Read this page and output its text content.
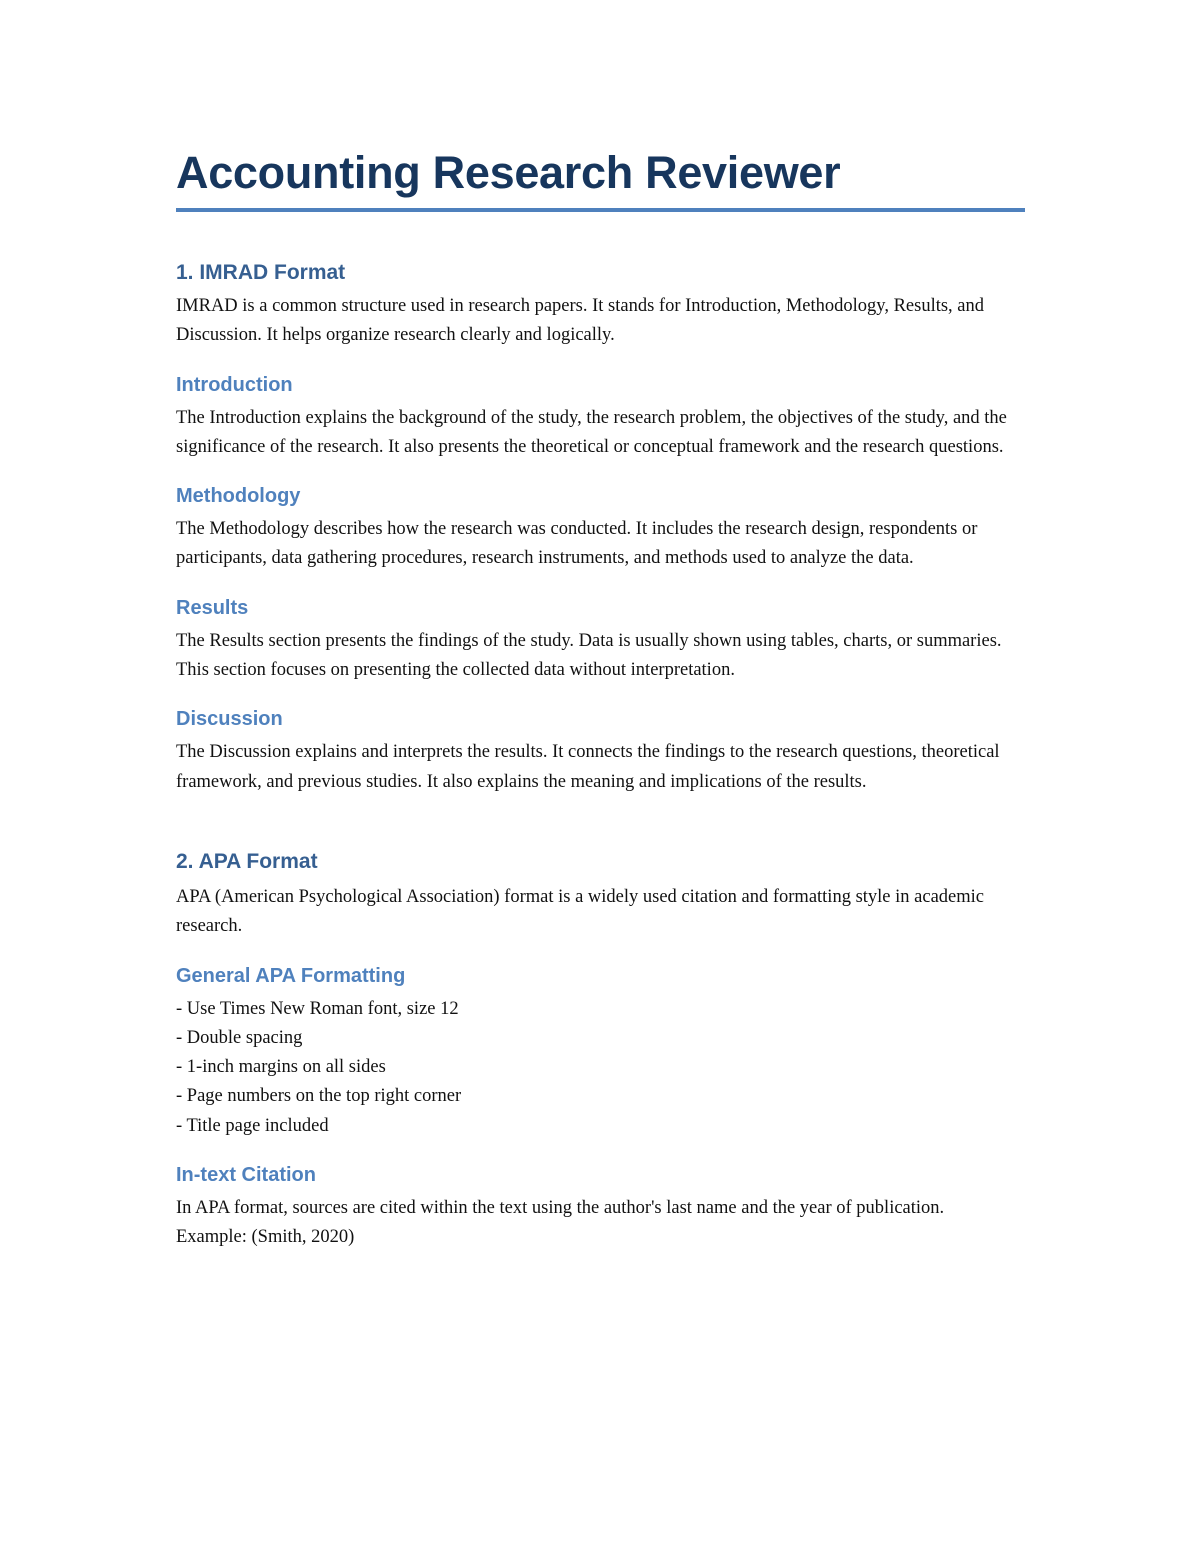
Accounting Research Reviewer
1. IMRAD Format

IMRAD is a common structure used in research papers. It stands for Introduction, Methodology, Results, and Discussion. It helps organize research clearly and logically.

Introduction

The Introduction explains the background of the study, the research problem, the objectives of the study, and the significance of the research. It also presents the theoretical or conceptual framework and the research questions.

Methodology

The Methodology describes how the research was conducted. It includes the research design, respondents or participants, data gathering procedures, research instruments, and methods used to analyze the data.

Results

The Results section presents the findings of the study. Data is usually shown using tables, charts, or summaries. This section focuses on presenting the collected data without interpretation.

Discussion

The Discussion explains and interprets the results. It connects the findings to the research questions, theoretical framework, and previous studies. It also explains the meaning and implications of the results.

2. APA Format

APA (American Psychological Association) format is a widely used citation and formatting style in academic research.

General APA Formatting

- Use Times New Roman font, size 12

- Double spacing

- 1-inch margins on all sides

- Page numbers on the top right corner

- Title page included

In-text Citation

In APA format, sources are cited within the text using the author's last name and the year of publication.

Example: (Smith, 2020)
